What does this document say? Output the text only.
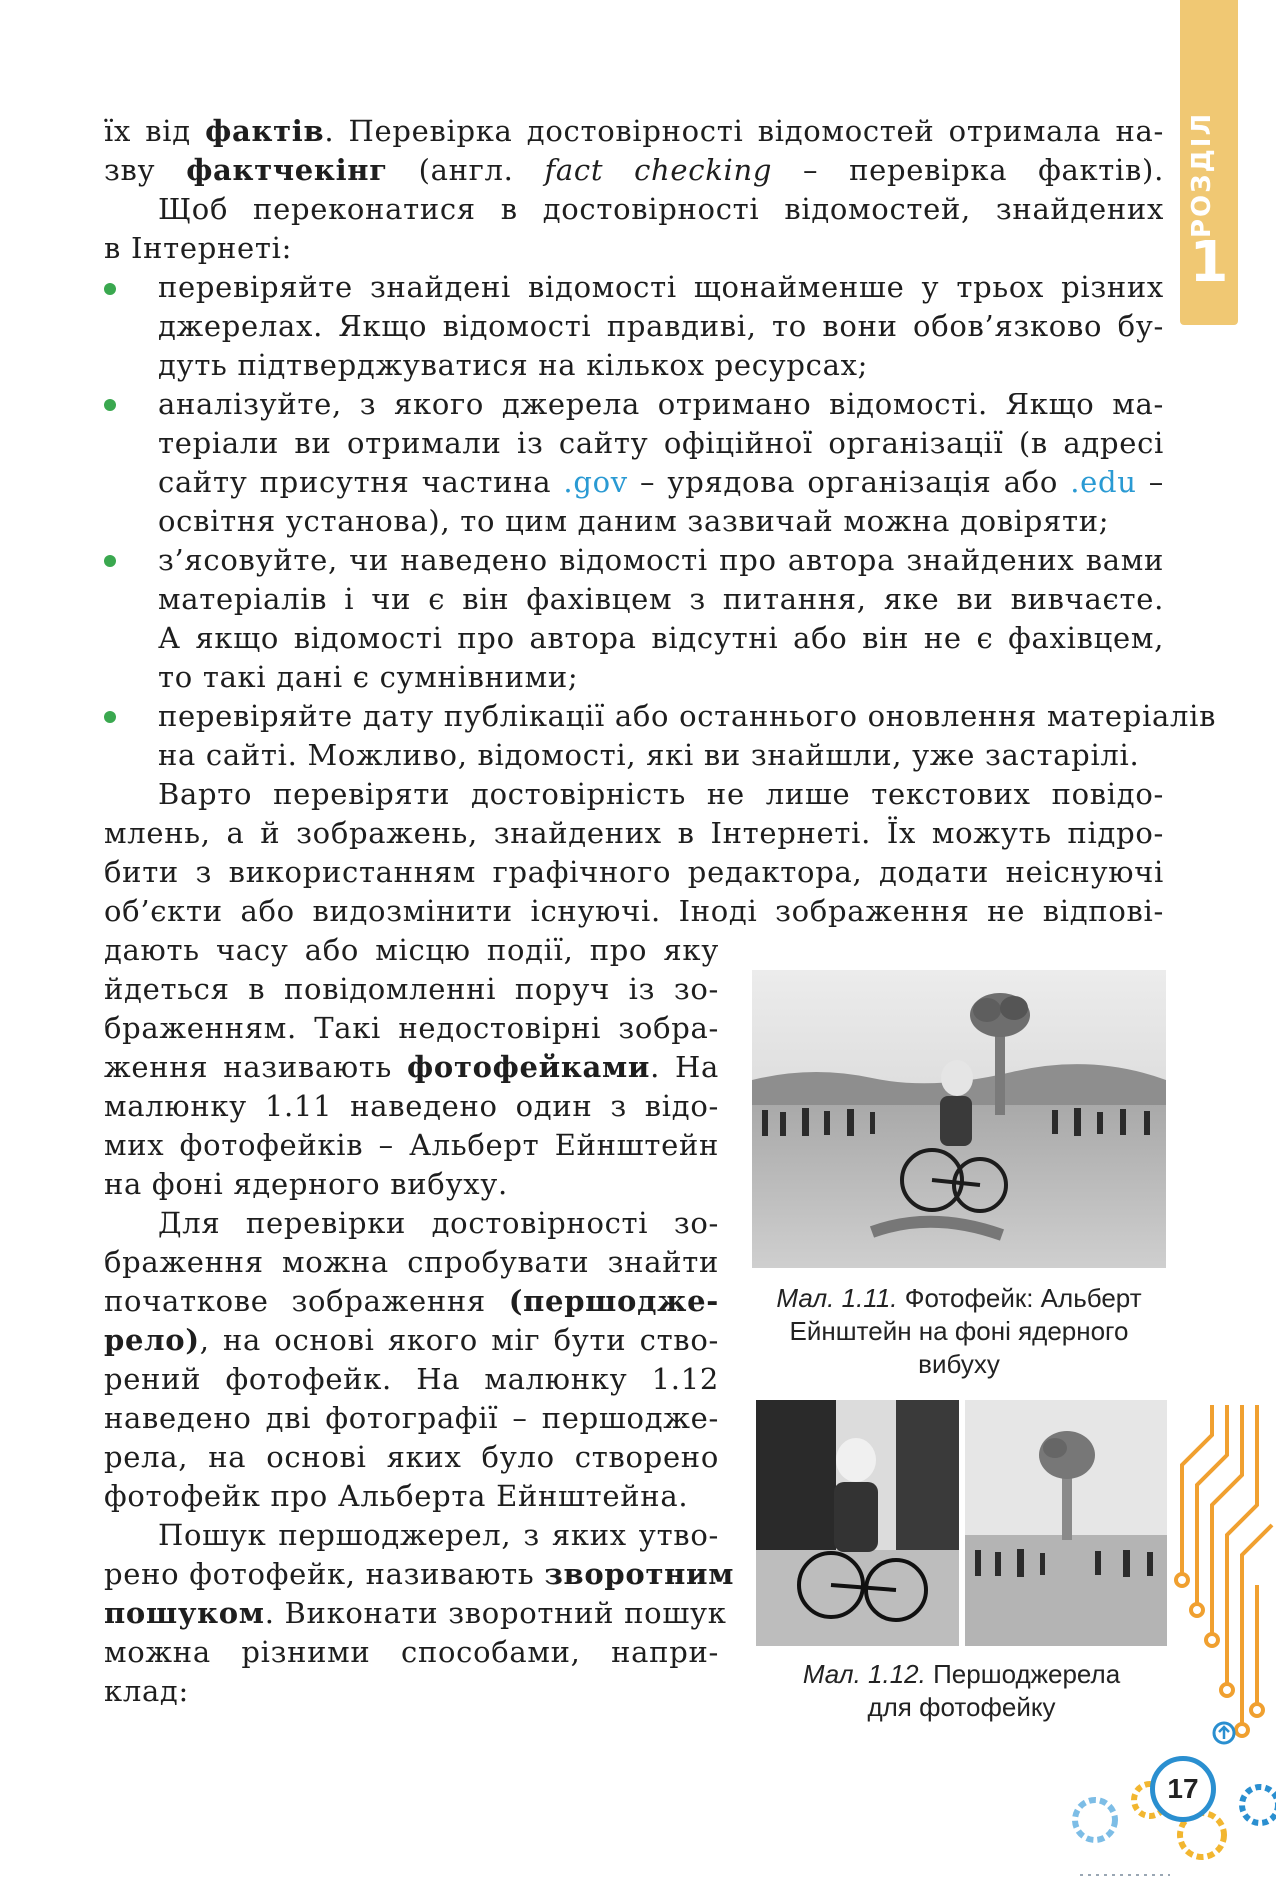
РОЗДІЛ
1
їх від фактів. Перевірка достовірності відомостей отримала на-
зву фактчекінг (англ. fact checking – перевірка фактів).
Щоб переконатися в достовірності відомостей, знайдених
в Інтернеті:
перевіряйте знайдені відомості щонайменше у трьох різних
джерелах. Якщо відомості правдиві, то вони обов’язково бу-
дуть підтверджуватися на кількох ресурсах;
аналізуйте, з якого джерела отримано відомості. Якщо ма-
теріали ви отримали із сайту офіційної організації (в адресі
сайту присутня частина .gov – урядова організація або .edu –
освітня установа), то цим даним зазвичай можна довіряти;
з’ясовуйте, чи наведено відомості про автора знайдених вами
матеріалів і чи є він фахівцем з питання, яке ви вивчаєте.
А якщо відомості про автора відсутні або він не є фахівцем,
то такі дані є сумнівними;
перевіряйте дату публікації або останнього оновлення матеріалів
на сайті. Можливо, відомості, які ви знайшли, уже застарілі.
Варто перевіряти достовірність не лише текстових повідо-
млень, а й зображень, знайдених в Інтернеті. Їх можуть підро-
бити з використанням графічного редактора, додати неіснуючі
об’єкти або видозмінити існуючі. Іноді зображення не відпові-
дають часу або місцю події, про яку
йдеться в повідомленні поруч із зо-
браженням. Такі недостовірні зобра-
ження називають фотофейками. На
малюнку 1.11 наведено один з відо-
мих фотофейків – Альберт Ейнштейн
на фоні ядерного вибуху.
Для перевірки достовірності зо-
браження можна спробувати знайти
початкове зображення (першодже-
рело), на основі якого міг бути ство-
рений фотофейк. На малюнку 1.12
наведено дві фотографії – першодже-
рела, на основі яких було створено
фотофейк про Альберта Ейнштейна.
Пошук першоджерел, з яких утво-
рено фотофейк, називають зворотним
пошуком. Виконати зворотний пошук
можна різними способами, напри-
клад:
Мал. 1.11. Фотофейк: Альберт
Ейнштейн на фоні ядерного
вибуху
Мал. 1.12. Першоджерела
для фотофейку
17
